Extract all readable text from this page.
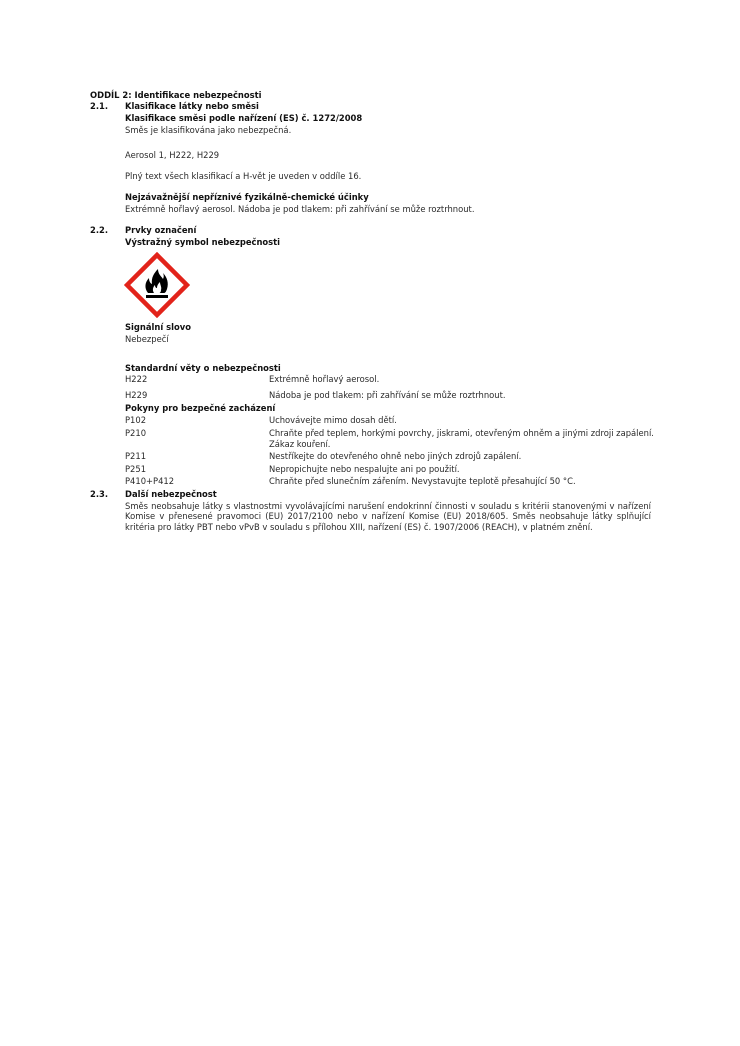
ODDÍL 2: Identifikace nebezpečnosti
2.1. Klasifikace látky nebo směsi
Klasifikace směsi podle nařízení (ES) č. 1272/2008
Směs je klasifikována jako nebezpečná.
Aerosol 1, H222, H229
Plný text všech klasifikací a H-vět je uveden v oddíle 16.
Nejzávažnější nepříznivé fyzikálně-chemické účinky
Extrémně hořlavý aerosol. Nádoba je pod tlakem: při zahřívání se může roztrhnout.
2.2. Prvky označení
Výstražný symbol nebezpečnosti
Signální slovo
Nebezpečí
Standardní věty o nebezpečnosti
H222	Extrémně hořlavý aerosol.
H229	Nádoba je pod tlakem: při zahřívání se může roztrhnout.
Pokyny pro bezpečné zacházení
P102	Uchovávejte mimo dosah dětí.
P210	Chraňte před teplem, horkými povrchy, jiskrami, otevřeným ohněm a jinými zdroji zapálení. Zákaz kouření.
P211	Nestříkejte do otevřeného ohně nebo jiných zdrojů zapálení.
P251	Nepropichujte nebo nespalujte ani po použití.
P410+P412	Chraňte před slunečním zářením. Nevystavujte teplotě přesahující 50 °C.
2.3. Další nebezpečnost
Směs neobsahuje látky s vlastnostmi vyvolávajícími narušení endokrinní činnosti v souladu s kritérii stanovenými v nařízení Komise v přenesené pravomoci (EU) 2017/2100 nebo v nařízení Komise (EU) 2018/605. Směs neobsahuje látky splňující kritéria pro látky PBT nebo vPvB v souladu s přílohou XIII, nařízení (ES) č. 1907/2006 (REACH), v platném znění.
